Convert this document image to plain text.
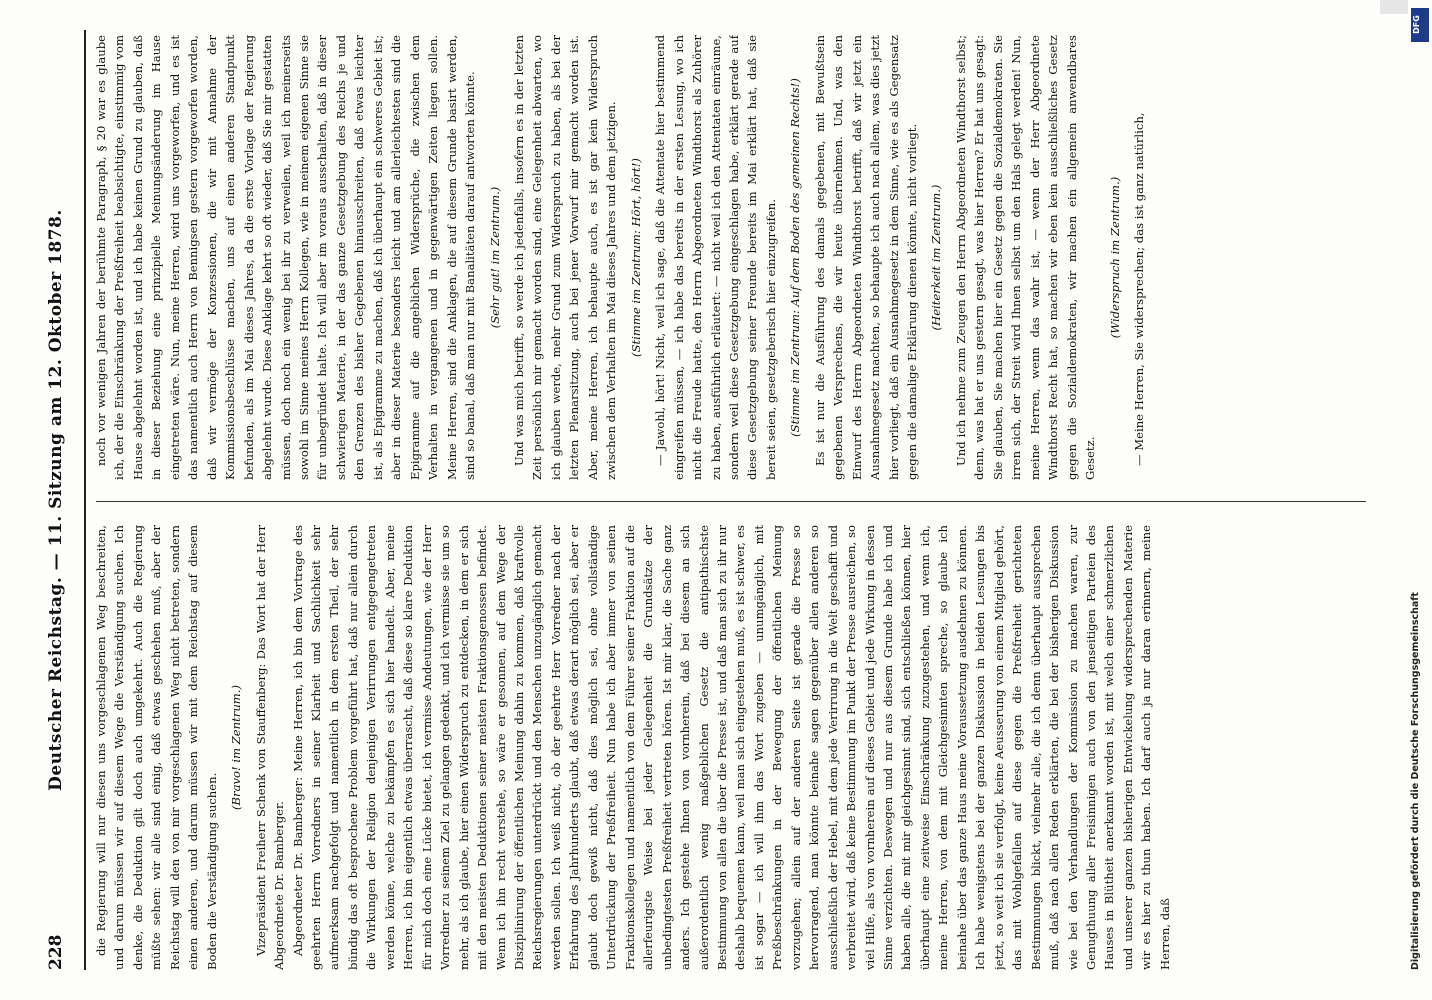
228
Deutscher Reichstag. — 11. Sitzung am 12. Oktober 1878. die Regierung will nur diesen uns vorgeschlagenen Weg beschreiten, und darum müssen wir auf diesem Wege die Verständigung suchen. Ich denke, die Deduktion gilt doch auch umgekehrt. Auch die Regierung müßte sehen: wir alle sind einig, daß etwas geschehen muß, aber der Reichstag will den von mir vorgeschlagenen Weg nicht betreten, sondern einen anderen, und darum müssen wir mit dem Reichstag auf diesem Boden die Verständigung suchen.

(Bravo! im Zentrum.) Vizepräsident Freiherr Schenk von Stauffenberg: Das Wort hat der Herr Abgeordnete Dr. Bamberger. Abgeordneter Dr. Bamberger: Meine Herren, ich bin dem Vortrage des geehrten Herrn Vorredners in seiner Klarheit und Sachlichkeit sehr aufmerksam nachgefolgt und namentlich in dem ersten Theil, der sehr bündig das oft besprochene Problem vorgeführt hat, daß nur allein durch die Wirkungen der Religion denjenigen Verirrungen entgegengetreten werden könne, welche zu bekämpfen es sich hier handelt. Aber, meine Herren, ich bin eigentlich etwas überrascht, daß diese so klare Deduktion für mich doch eine Lücke bietet, ich vermisse Andeutungen, wie der Herr Vorredner zu seinem Ziel zu gelangen gedenkt, und ich vermisse sie um so mehr, als ich glaube, hier einen Widerspruch zu entdecken, in dem er sich mit den meisten Deduktionen seiner meisten Fraktionsgenossen befindet. Wenn ich ihn recht verstehe, so wäre er gesonnen, auf dem Wege der Disziplinirung der öffentlichen Meinung dahin zu kommen, daß kraftvolle Reichsregierungen unterdrückt und den Menschen unzugänglich gemacht werden sollen. Ich weiß nicht, ob der geehrte Herr Vorredner nach der Erfahrung des Jahrhunderts glaubt, daß etwas derart möglich sei, aber er glaubt doch gewiß nicht, daß dies möglich sei, ohne vollständige Unterdrückung der Preßfreiheit. Nun habe ich aber immer von seinen Fraktionskollegen und namentlich von dem Führer seiner Fraktion auf die allerfeurigste Weise bei jeder Gelegenheit die Grundsätze der unbedingtesten Preßfreiheit vertreten hören. Ist mir klar, die Sache ganz anders. Ich gestehe Ihnen von vornherein, daß bei diesem an sich außerordentlich wenig maßgeblichen Gesetz die antipathischste Bestimmung von allen die über die Presse ist, und daß man sich zu ihr nur deshalb bequemen kann, weil man sich eingestehen muß, es ist schwer, es ist sogar — ich will ihm das Wort zugeben — unumgänglich, mit Preßbeschränkungen in der Bewegung der öffentlichen Meinung vorzugehen; allein auf der anderen Seite ist gerade die Presse so hervorragend, man könnte beinahe sagen gegenüber allen anderen so ausschließlich der Hebel, mit dem jede Verirrung in die Welt geschafft und verbreitet wird, daß keine Bestimmung im Punkt der Presse ausreichen, so viel Hilfe, als von vornherein auf dieses Gebiet und jede Wirkung in dessen Sinne verzichten. Deswegen und nur aus diesem Grunde habe ich und haben alle, die mit mir gleichgesinnt sind, sich entschließen können, hier überhaupt eine zeitweise Einschränkung zuzugestehen, und wenn ich, meine Herren, von dem mit Gleichgesinnten spreche, so glaube ich beinahe über das ganze Haus meine Voraussetzung ausdehnen zu können. Ich habe wenigstens bei der ganzen Diskussion in beiden Lesungen bis jetzt, so weit ich sie verfolgt, keine Aeusserung von einem Mitglied gehört, das mit Wohlgefallen auf diese gegen die Preßfreiheit gerichteten Bestimmungen blickt, vielmehr alle, die ich denn überhaupt aussprechen muß, daß nach allen Reden erklärten, die bei der bisherigen Diskussion wie bei den Verhandlungen der Kommission zu machen waren, zur Genugthuung aller Freisinnigen auch von den jenseitigen Parteien des Hauses in Blütheit anerkannt worden ist, mit welch einer schmerzlichen und unserer ganzen bisherigen Entwickelung widersprechenden Materie wir es hier zu thun haben. Ich darf auch ja nur daran erinnern, meine Herren, daß

noch vor wenigen Jahren der berühmte Paragraph, § 20 war es glaube ich, der die Einschränkung der Preßfreiheit beabsichtigte, einstimmig vom Hause abgelehnt worden ist, und ich habe keinen Grund zu glauben, daß in dieser Beziehung eine prinzipielle Meinungsänderung im Hause eingetreten wäre. Nun, meine Herren, wird uns vorgeworfen, und es ist das namentlich auch Herrn von Bennigsen gestern vorgeworfen worden, daß wir vermöge der Konzessionen, die wir mit Annahme der Kommissionsbeschlüsse machen, uns auf einen anderen Standpunkt befunden, als im Mai dieses Jahres, da die erste Vorlage der Regierung abgelehnt wurde. Diese Anklage kehrt so oft wieder, daß Sie mir gestatten müssen, doch noch ein wenig bei ihr zu verweilen, weil ich meinerseits sowohl im Sinne meines Herrn Kollegen, wie in meinem eigenen Sinne sie für unbegründet halte. Ich will aber im voraus ausschalten, daß in dieser schwierigen Materie, in der das ganze Gesetzgebung des Reichs je und den Grenzen des bisher Gegebenen hinausschreiten, daß etwas leichter ist, als Epigramme zu machen, daß ich überhaupt ein schweres Gebiet ist; aber in dieser Materie besonders leicht und am allerleichtesten sind die Epigramme auf die angeblichen Widersprüche, die zwischen dem Verhalten in vergangenen und in gegenwärtigen Zeiten liegen sollen. Meine Herren, sind die Anklagen, die auf diesem Grunde basirt werden, sind so banal, daß man nur mit Banalitäten darauf antworten könnte. (Sehr gut! im Zentrum.) Und was mich betrifft, so werde ich jedenfalls, insofern es in der letzten Zeit persönlich mir gemacht worden sind, eine Gelegenheit abwarten, wo ich glauben werde, mehr Grund zum Widerspruch zu haben, als bei der letzten Plenarsitzung, auch bei jener Vorwurf mir gemacht worden ist. Aber, meine Herren, ich behaupte auch, es ist gar kein Widerspruch zwischen dem Verhalten im Mai dieses Jahres und dem jetzigen. (Stimme im Zentrum: Hört, hört!) — Jawohl, hört! Nicht, weil ich sage, daß die Attentate hier bestimmend eingreifen müssen, — ich habe das bereits in der ersten Lesung, wo ich nicht die Freude hatte, den Herrn Abgeordneten Windthorst als Zuhörer zu haben, ausführlich erläutert: — nicht weil ich den Attentaten einräume, sondern weil diese Gesetzgebung eingeschlagen habe, erklärt gerade auf diese Gesetzgebung seiner Freunde bereits im Mai erklärt hat, daß sie bereit seien, gesetzgeberisch hier einzugreifen. (Stimme im Zentrum: Auf dem Boden des gemeinen Rechts!) Es ist nur die Ausführung des damals gegebenen, mit Bewußtsein gegebenen Versprechens, die wir heute übernehmen. Und, was den Einwurf des Herrn Abgeordneten Windthorst betrifft, daß wir jetzt ein Ausnahmegesetz machten, so behaupte ich auch nach allem, was dies jetzt hier vorliegt, daß ein Ausnahmegesetz in dem Sinne, wie es als Gegensatz gegen die damalige Erklärung dienen könnte, nicht vorliegt. (Heiterkeit im Zentrum.) Und ich nehme zum Zeugen den Herrn Abgeordneten Windthorst selbst; denn, was hat er uns gestern gesagt, was hier Herren? Er hat uns gesagt: Sie glauben, Sie machen hier ein Gesetz gegen die Sozialdemokraten. Sie irren sich, der Streit wird Ihnen selbst um den Hals gelegt werden! Nun, meine Herren, wenn das wahr ist, — wenn der Herr Abgeordnete Windthorst Recht hat, so machen wir eben kein ausschließliches Gesetz gegen die Sozialdemokraten, wir machen ein allgemein anwendbares Gesetz.

(Widerspruch im Zentrum.) — Meine Herren, Sie widersprechen; das ist ganz natürlich,

DFG
Digitalisierung gefördert durch die Deutsche Forschungsgemeinschaft
